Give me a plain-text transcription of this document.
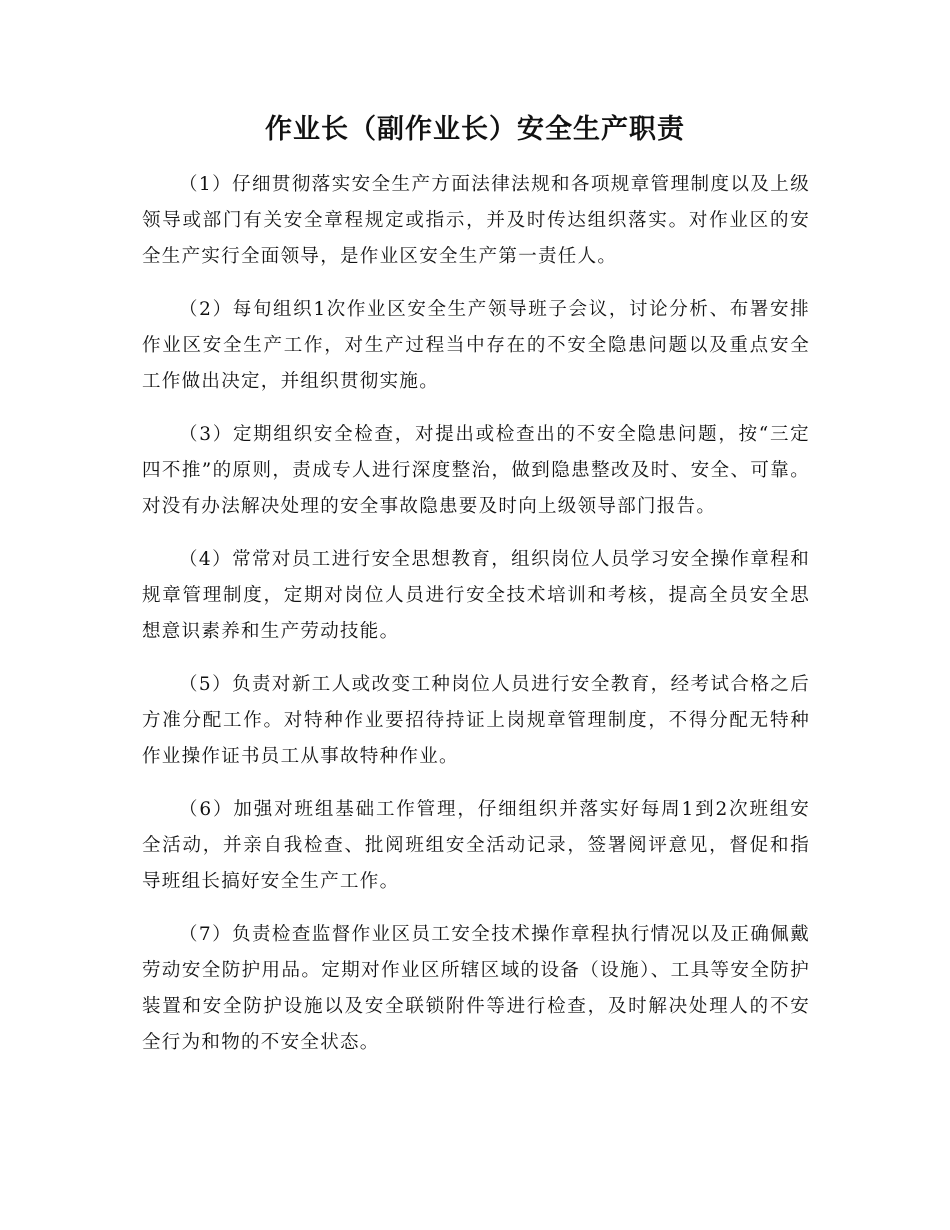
作业长（副作业长）安全生产职责

（1）仔细贯彻落实安全生产方面法律法规和各项规章管理制度以及上级领导或部门有关安全章程规定或指示，并及时传达组织落实。对作业区的安全生产实行全面领导，是作业区安全生产第一责任人。

（2）每旬组织1次作业区安全生产领导班子会议，讨论分析、布署安排作业区安全生产工作，对生产过程当中存在的不安全隐患问题以及重点安全工作做出决定，并组织贯彻实施。

（3）定期组织安全检查，对提出或检查出的不安全隐患问题，按“三定四不推”的原则，责成专人进行深度整治，做到隐患整改及时、安全、可靠。对没有办法解决处理的安全事故隐患要及时向上级领导部门报告。

（4）常常对员工进行安全思想教育，组织岗位人员学习安全操作章程和规章管理制度，定期对岗位人员进行安全技术培训和考核，提高全员安全思想意识素养和生产劳动技能。

（5）负责对新工人或改变工种岗位人员进行安全教育，经考试合格之后方准分配工作。对特种作业要招待持证上岗规章管理制度，不得分配无特种作业操作证书员工从事故特种作业。

（6）加强对班组基础工作管理，仔细组织并落实好每周1到2次班组安全活动，并亲自我检查、批阅班组安全活动记录，签署阅评意见，督促和指导班组长搞好安全生产工作。

（7）负责检查监督作业区员工安全技术操作章程执行情况以及正确佩戴劳动安全防护用品。定期对作业区所辖区域的设备（设施）、工具等安全防护装置和安全防护设施以及安全联锁附件等进行检查，及时解决处理人的不安全行为和物的不安全状态。
